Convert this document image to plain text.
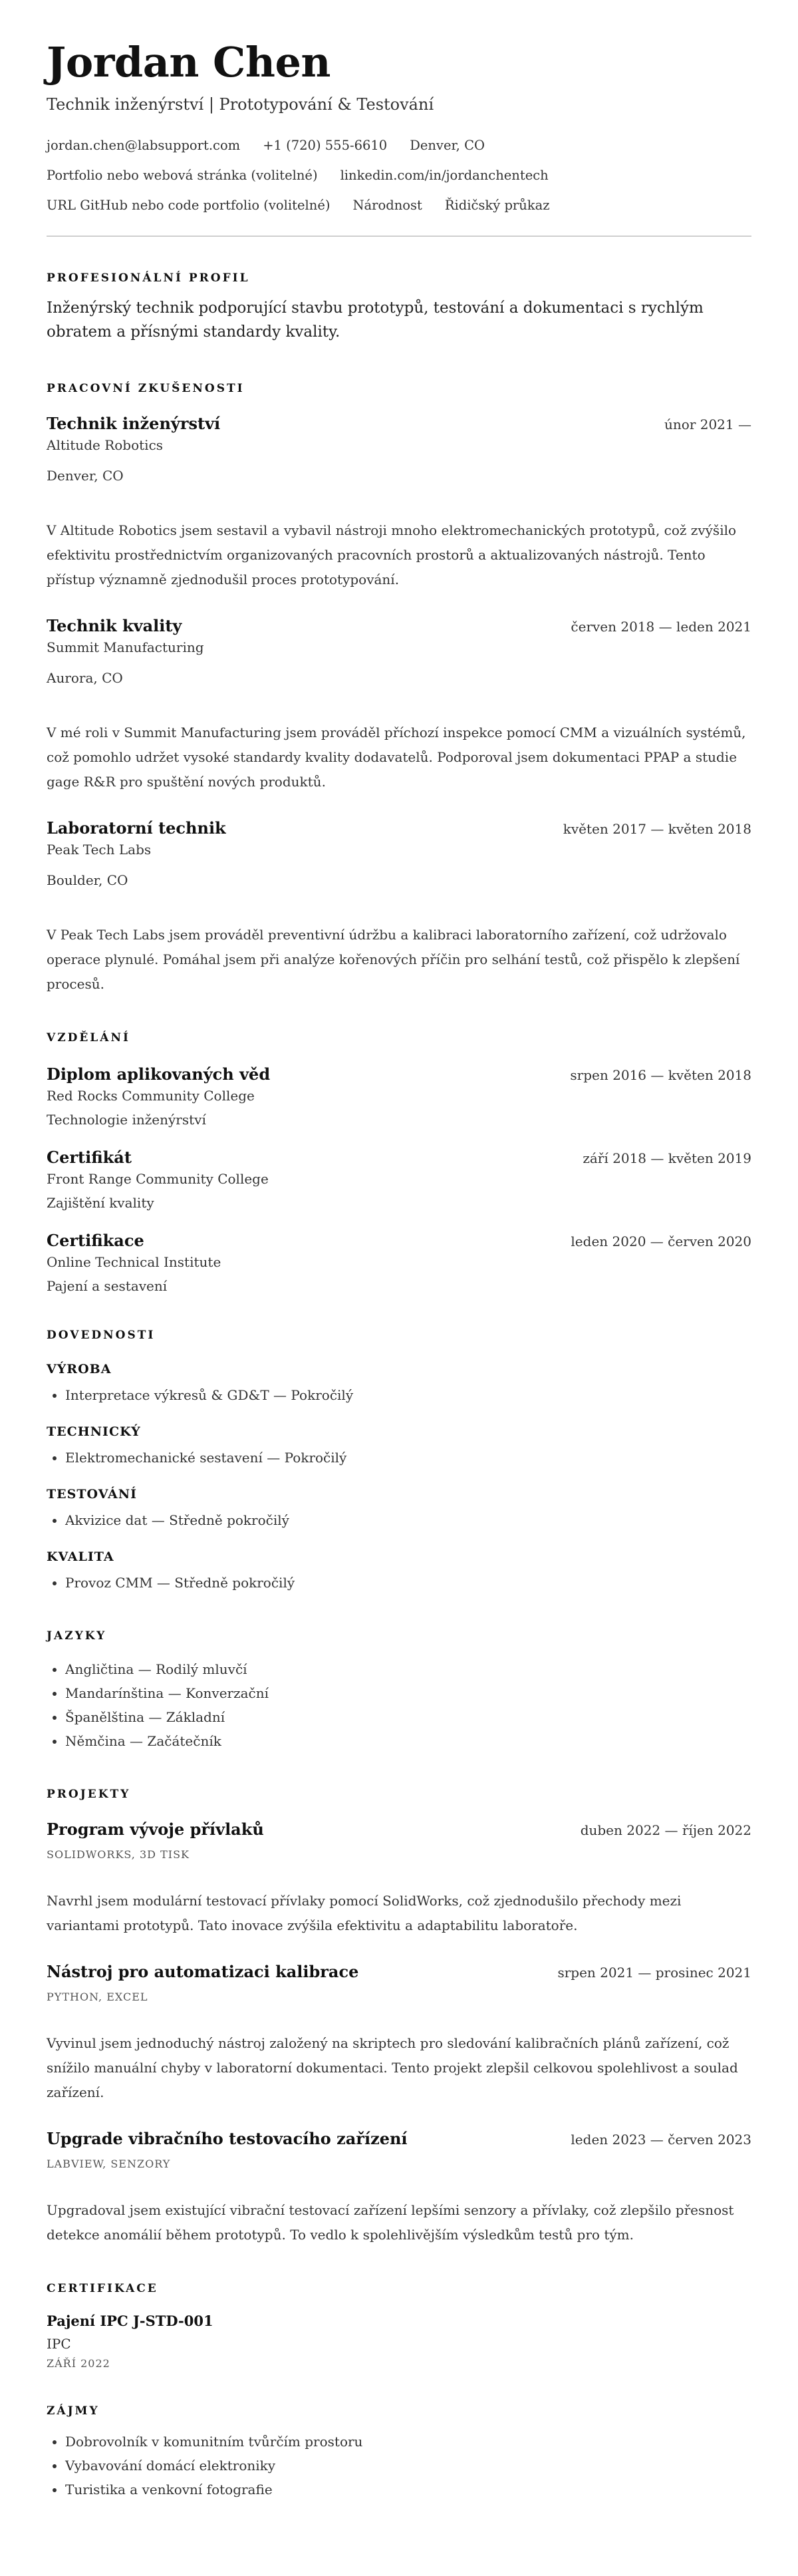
Jordan Chen
Technik inženýrství | Prototypování & Testování
jordan.chen@labsupport.com +1 (720) 555-6610 Denver, CO
Portfolio nebo webová stránka (volitelné) linkedin.com/in/jordanchentech
URL GitHub nebo code portfolio (volitelné) Národnost Řidičský průkaz
PROFESIONÁLNÍ PROFIL
Inženýrský technik podporující stavbu prototypů, testování a dokumentaci s rychlým obratem a přísnými standardy kvality.
PRACOVNÍ ZKUŠENOSTI
Technik inženýrství	únor 2021 —
Altitude Robotics
Denver, CO
V Altitude Robotics jsem sestavil a vybavil nástroji mnoho elektromechanických prototypů, což zvýšilo efektivitu prostřednictvím organizovaných pracovních prostorů a aktualizovaných nástrojů. Tento přístup významně zjednodušil proces prototypování.
Technik kvality	červen 2018 — leden 2021
Summit Manufacturing
Aurora, CO
V mé roli v Summit Manufacturing jsem prováděl příchozí inspekce pomocí CMM a vizuálních systémů, což pomohlo udržet vysoké standardy kvality dodavatelů. Podporoval jsem dokumentaci PPAP a studie gage R&R pro spuštění nových produktů.
Laboratorní technik	květen 2017 — květen 2018
Peak Tech Labs
Boulder, CO
V Peak Tech Labs jsem prováděl preventivní údržbu a kalibraci laboratorního zařízení, což udržovalo operace plynulé. Pomáhal jsem při analýze kořenových příčin pro selhání testů, což přispělo k zlepšení procesů.
VZDĚLÁNÍ
Diplom aplikovaných věd	srpen 2016 — květen 2018
Red Rocks Community College
Technologie inženýrství
Certifikát	září 2018 — květen 2019
Front Range Community College
Zajištění kvality
Certifikace	leden 2020 — červen 2020
Online Technical Institute
Pajení a sestavení
DOVEDNOSTI
VÝROBA
• Interpretace výkresů & GD&T — Pokročilý
TECHNICKÝ
• Elektromechanické sestavení — Pokročilý
TESTOVÁNÍ
• Akvizice dat — Středně pokročilý
KVALITA
• Provoz CMM — Středně pokročilý
JAZYKY
• Angličtina — Rodilý mluvčí
• Mandarínština — Konverzační
• Španělština — Základní
• Němčina — Začátečník
PROJEKTY
Program vývoje přívlaků	duben 2022 — říjen 2022
SOLIDWORKS, 3D TISK
Navrhl jsem modulární testovací přívlaky pomocí SolidWorks, což zjednodušilo přechody mezi variantami prototypů. Tato inovace zvýšila efektivitu a adaptabilitu laboratoře.
Nástroj pro automatizaci kalibrace	srpen 2021 — prosinec 2021
PYTHON, EXCEL
Vyvinul jsem jednoduchý nástroj založený na skriptech pro sledování kalibračních plánů zařízení, což snížilo manuální chyby v laboratorní dokumentaci. Tento projekt zlepšil celkovou spolehlivost a soulad zařízení.
Upgrade vibračního testovacího zařízení	leden 2023 — červen 2023
LABVIEW, SENZORY
Upgradoval jsem existující vibrační testovací zařízení lepšími senzory a přívlaky, což zlepšilo přesnost detekce anomálií během prototypů. To vedlo k spolehlivějším výsledkům testů pro tým.
CERTIFIKACE
Pajení IPC J-STD-001
IPC
ZÁŘÍ 2022
ZÁJMY
• Dobrovolník v komunitním tvůrčím prostoru
• Vybavování domácí elektroniky
• Turistika a venkovní fotografie
